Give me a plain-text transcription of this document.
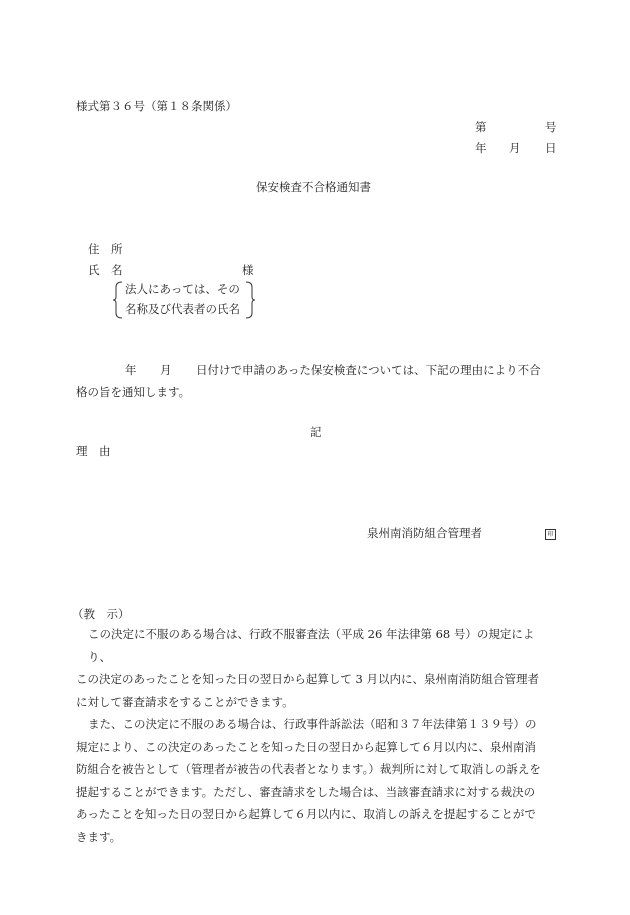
様式第３６号（第１８条関係）
第	号
年 月 日
保安検査不合格通知書
住　所
氏　名	様
法人にあっては、その
名称及び代表者の氏名
年 月 日付けで申請のあった保安検査については、下記の理由により不合
格の旨を通知します。
記
理　由
泉州南消防組合管理者	印
（教　示）
この決定に不服のある場合は、行政不服審査法（平成 26 年法律第 68 号）の規定により、
この決定のあったことを知った日の翌日から起算して 3 月以内に、泉州南消防組合管理者
に対して審査請求をすることができます。
また、この決定に不服のある場合は、行政事件訴訟法（昭和３７年法律第１３９号）の
規定により、この決定のあったことを知った日の翌日から起算して６月以内に、泉州南消
防組合を被告として（管理者が被告の代表者となります。）裁判所に対して取消しの訴えを
提起することができます。ただし、審査請求をした場合は、当該審査請求に対する裁決の
あったことを知った日の翌日から起算して６月以内に、取消しの訴えを提起することがで
きます。
